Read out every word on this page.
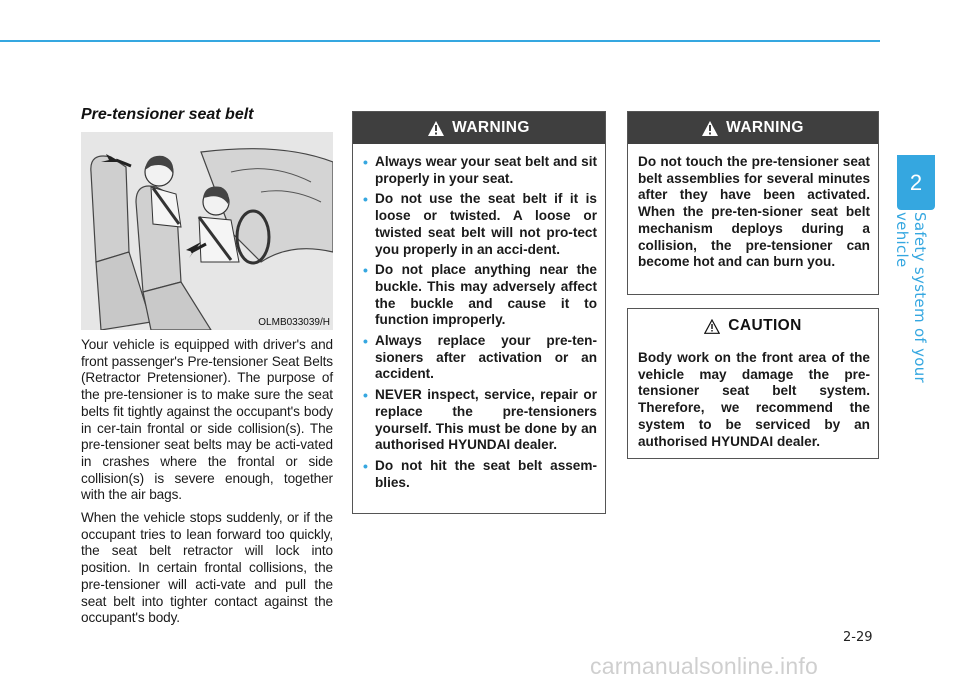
2
Safety system of your vehicle
Pre-tensioner seat belt
OLMB033039/H

Your vehicle is equipped with driver's and front passenger's Pre-tensioner Seat Belts (Retractor Pretensioner). The purpose of the pre-tensioner is to make sure the seat belts fit tightly against the occupant's body in cer-tain frontal or side collision(s). The pre-tensioner seat belts may be acti-vated in crashes where the frontal or side collision(s) is severe enough, together with the air bags.

When the vehicle stops suddenly, or if the occupant tries to lean forward too quickly, the seat belt retractor will lock into position. In certain frontal collisions, the pre-tensioner will acti-vate and pull the seat belt into tighter contact against the occupant's body.

WARNING
• Always wear your seat belt and sit properly in your seat.
• Do not use the seat belt if it is loose or twisted. A loose or twisted seat belt will not pro-tect you properly in an acci-dent.
• Do not place anything near the buckle. This may adversely affect the buckle and cause it to function improperly.
• Always replace your pre-ten-sioners after activation or an accident.
• NEVER inspect, service, repair or replace the pre-tensioners yourself. This must be done by an authorised HYUNDAI dealer.
• Do not hit the seat belt assem-blies.
WARNING
Do not touch the pre-tensioner seat belt assemblies for several minutes after they have been activated. When the pre-ten-sioner seat belt mechanism deploys during a collision, the pre-tensioner can become hot and can burn you.
CAUTION
Body work on the front area of the vehicle may damage the pre-tensioner seat belt system. Therefore, we recommend the system to be serviced by an authorised HYUNDAI dealer.
2-29
carmanualsonline.info
